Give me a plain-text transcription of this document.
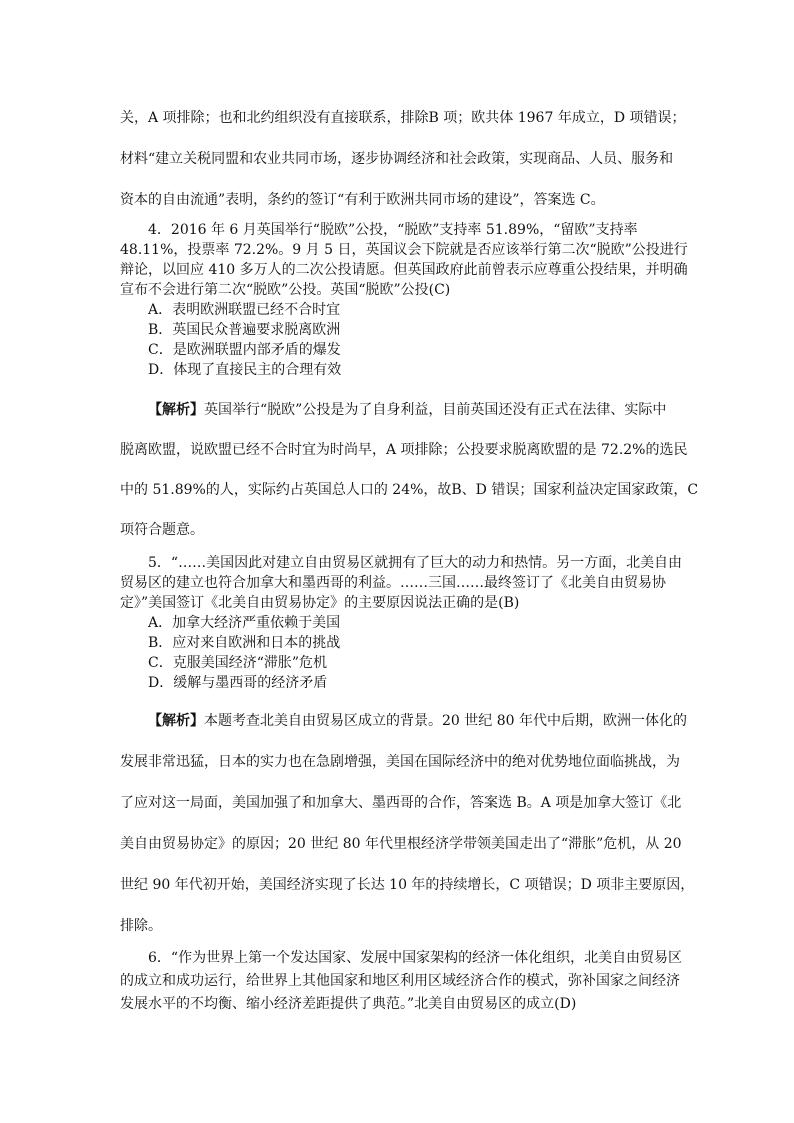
关，A 项排除；也和北约组织没有直接联系，排除B 项；欧共体 1967 年成立，D 项错误；
材料“建立关税同盟和农业共同市场，逐步协调经济和社会政策，实现商品、人员、服务和
资本的自由流通”表明，条约的签订“有利于欧洲共同市场的建设”，答案选 C。
4．2016 年 6 月英国举行“脱欧”公投，“脱欧”支持率 51.89%，“留欧”支持率
48.11%，投票率 72.2%。9 月 5 日，英国议会下院就是否应该举行第二次“脱欧”公投进行
辩论，以回应 410 多万人的二次公投请愿。但英国政府此前曾表示应尊重公投结果，并明确
宣布不会进行第二次“脱欧”公投。英国“脱欧”公投(C)
A．表明欧洲联盟已经不合时宜
B．英国民众普遍要求脱离欧洲
C．是欧洲联盟内部矛盾的爆发
D．体现了直接民主的合理有效
【解析】英国举行“脱欧”公投是为了自身利益，目前英国还没有正式在法律、实际中
脱离欧盟，说欧盟已经不合时宜为时尚早，A 项排除；公投要求脱离欧盟的是 72.2%的选民
中的 51.89%的人，实际约占英国总人口的 24%，故B、D 错误；国家利益决定国家政策，C
项符合题意。
5．“……美国因此对建立自由贸易区就拥有了巨大的动力和热情。另一方面，北美自由
贸易区的建立也符合加拿大和墨西哥的利益。……三国……最终签订了《北美自由贸易协
定》”美国签订《北美自由贸易协定》的主要原因说法正确的是(B)
A．加拿大经济严重依赖于美国
B．应对来自欧洲和日本的挑战
C．克服美国经济“滞胀”危机
D．缓解与墨西哥的经济矛盾
【解析】本题考查北美自由贸易区成立的背景。20 世纪 80 年代中后期，欧洲一体化的
发展非常迅猛，日本的实力也在急剧增强，美国在国际经济中的绝对优势地位面临挑战，为
了应对这一局面，美国加强了和加拿大、墨西哥的合作，答案选 B。A 项是加拿大签订《北
美自由贸易协定》的原因；20 世纪 80 年代里根经济学带领美国走出了“滞胀”危机，从 20
世纪 90 年代初开始，美国经济实现了长达 10 年的持续增长，C 项错误；D 项非主要原因，
排除。
6．“作为世界上第一个发达国家、发展中国家架构的经济一体化组织，北美自由贸易区
的成立和成功运行，给世界上其他国家和地区利用区域经济合作的模式，弥补国家之间经济
发展水平的不均衡、缩小经济差距提供了典范。”北美自由贸易区的成立(D)
